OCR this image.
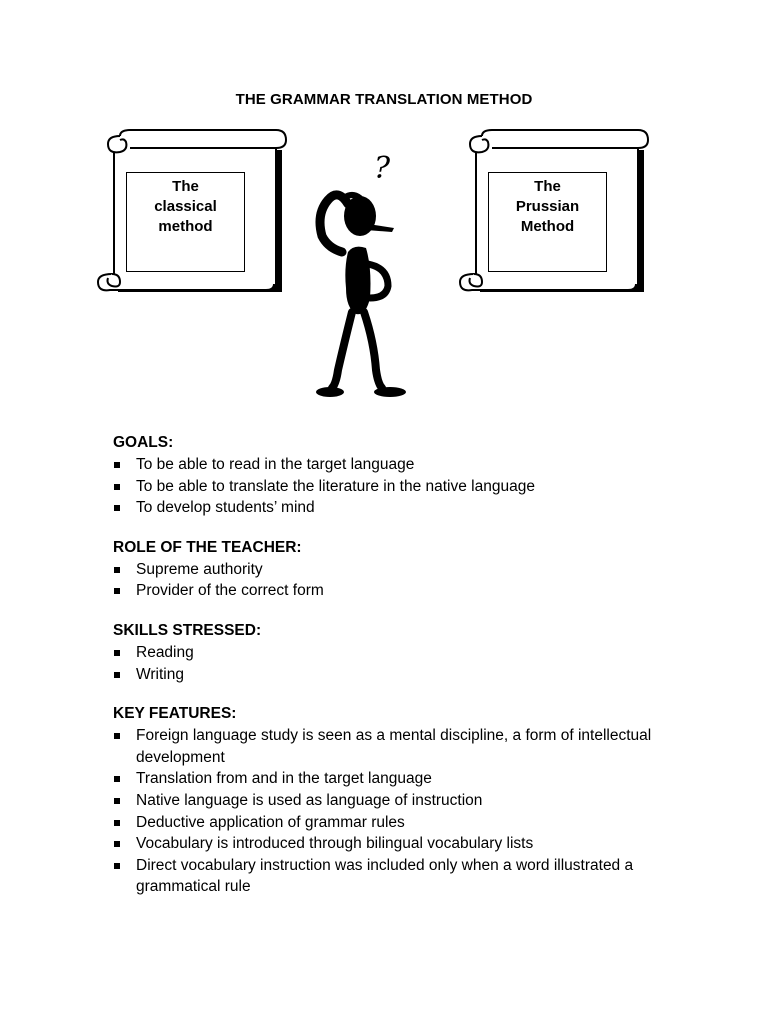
THE GRAMMAR TRANSLATION METHOD
The
classical
method
?
The
Prussian
Method

GOALS:

To be able to read in the target language
To be able to translate the literature in the native language
To develop students’ mind

ROLE OF THE TEACHER:

Supreme authority
Provider of the correct form

SKILLS STRESSED:

Reading
Writing

KEY FEATURES:

Foreign language study is seen as a mental discipline, a form of intellectual development
Translation from and in the target language
Native language is used as language of instruction
Deductive application of grammar rules
Vocabulary is introduced through bilingual vocabulary lists
Direct vocabulary instruction was included only when a word illustrated a grammatical rule
